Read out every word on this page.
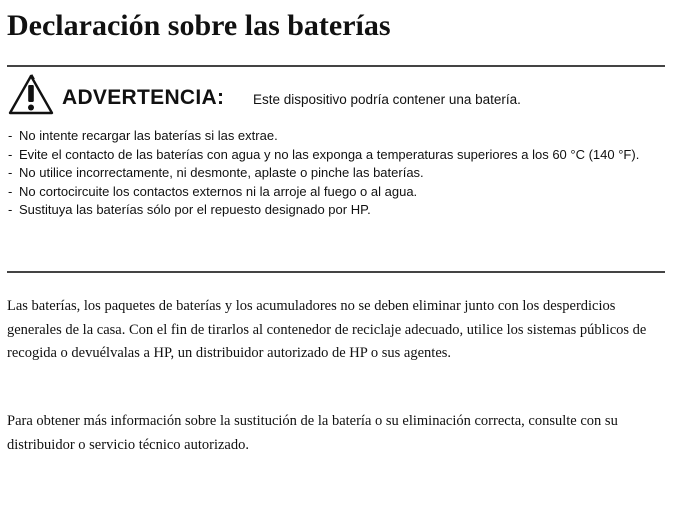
Declaración sobre las baterías
ADVERTENCIA: Este dispositivo podría contener una batería.
- No intente recargar las baterías si las extrae.
- Evite el contacto de las baterías con agua y no las exponga a temperaturas superiores a los 60 °C (140 °F).
- No utilice incorrectamente, ni desmonte, aplaste o pinche las baterías.
- No cortocircuite los contactos externos ni la arroje al fuego o al agua.
- Sustituya las baterías sólo por el repuesto designado por HP.

Las baterías, los paquetes de baterías y los acumuladores no se deben eliminar junto con los desperdicios generales de la casa. Con el fin de tirarlos al contenedor de reciclaje adecuado, utilice los sistemas públicos de recogida o devuélvalas a HP, un distribuidor autorizado de HP o sus agentes.

Para obtener más información sobre la sustitución de la batería o su eliminación correcta, consulte con su distribuidor o servicio técnico autorizado.
